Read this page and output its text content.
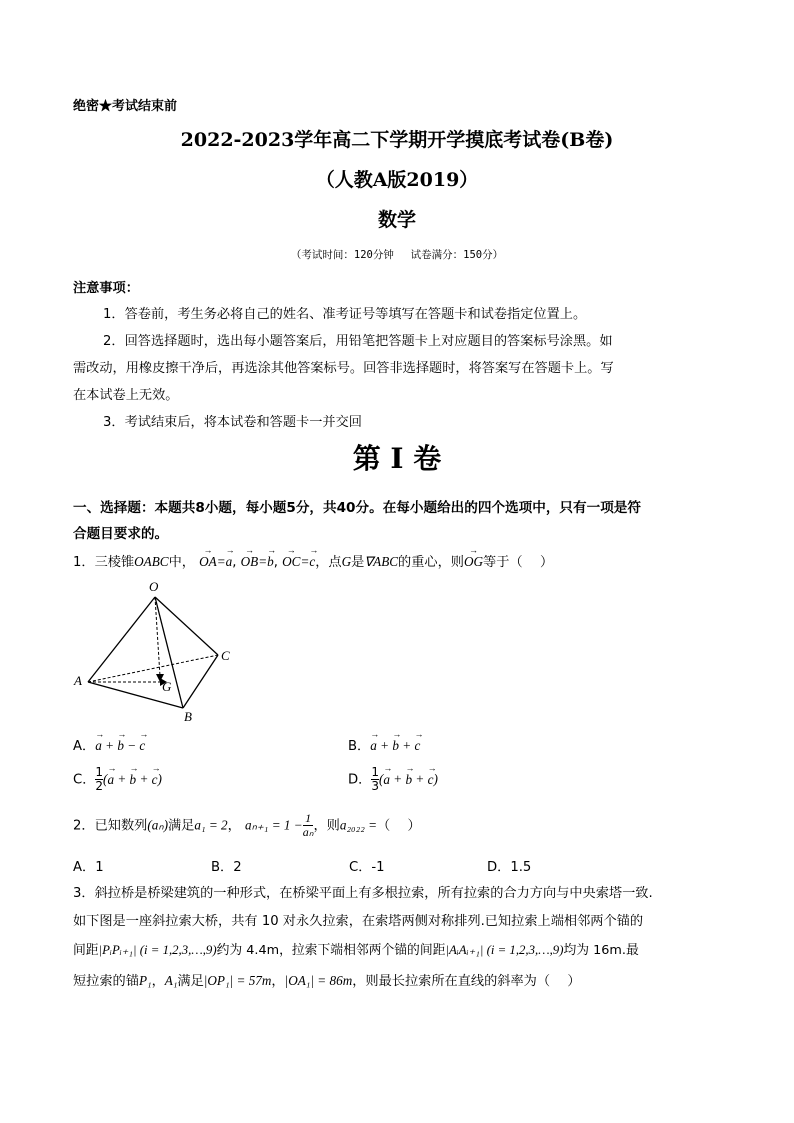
绝密★考试结束前
2022-2023学年高二下学期开学摸底考试卷(B卷)
（人教A版2019）
数学
（考试时间：120分钟　 试卷满分：150分）
注意事项：
1．答卷前，考生务必将自己的姓名、准考证号等填写在答题卡和试卷指定位置上。
2．回答选择题时，选出每小题答案后，用铅笔把答题卡上对应题目的答案标号涂黑。如
需改动，用橡皮擦干净后，再选涂其他答案标号。回答非选择题时，将答案写在答题卡上。写
在本试卷上无效。
3．考试结束后，将本试卷和答题卡一并交回
第 I 卷
一、选择题：本题共8小题，每小题5分，共40分。在每小题给出的四个选项中，只有一项是符
合题目要求的。
1．三棱锥OABC中， → OA=→ a, → OB=→ b, → OC=→ c，点G是∇ABC的重心，则→ OG等于（　 ）
O
A
B
C
G
A．→ a + → b − → c	B．→ a + → b + → c
C． $\frac{1}{2}$ (→ a + → b + → c)	D． $\frac{1}{3}$ (→ a + → b + → c)
2．已知数列(aₙ)满足a₁ = 2， $a_{n+1} = 1 - \frac{1}{\text{aₙ}}$ ，则a₂₀₂₂ =（　 ）
A．1	B．2	C．-1	D．1.5
3．斜拉桥是桥梁建筑的一种形式，在桥梁平面上有多根拉索，所有拉索的合力方向与中央索塔一致.
如下图是一座斜拉索大桥，共有 10 对永久拉索，在索塔两侧对称排列.已知拉索上端相邻两个锚的
间距|PᵢPᵢ₊₁| (i = 1,2,3,…,9)约为 4.4m，拉索下端相邻两个锚的间距|AᵢAᵢ₊₁| (i = 1,2,3,…,9)均为 16m.最
短拉索的锚P₁，A₁满足|OP₁| = 57m，|OA₁| = 86m，则最长拉索所在直线的斜率为（　 ）
